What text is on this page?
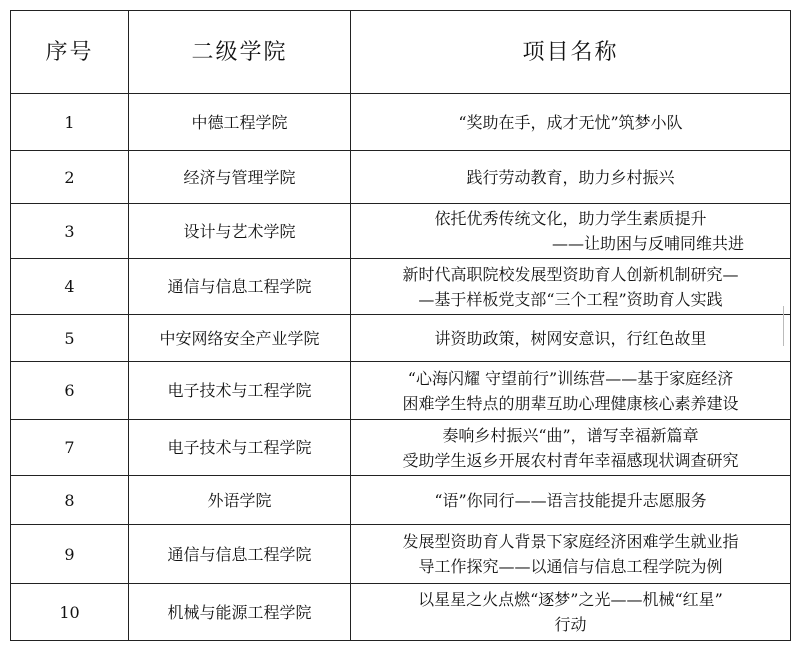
序号	二级学院	项目名称
1	中德工程学院	“奖助在手，成才无忧”筑梦小队

2	经济与管理学院	践行劳动教育，助力乡村振兴

3	设计与艺术学院	依托优秀传统文化，助力学生素质提升
——让助困与反哺同维共进

4	通信与信息工程学院	新时代高职院校发展型资助育人创新机制研究—
—基于样板党支部“三个工程”资助育人实践

5	中安网络安全产业学院	讲资助政策，树网安意识，行红色故里

6	电子技术与工程学院	“心海闪耀 守望前行”训练营——基于家庭经济
困难学生特点的朋辈互助心理健康核心素养建设

7	电子技术与工程学院	奏响乡村振兴“曲”，谱写幸福新篇章
受助学生返乡开展农村青年幸福感现状调查研究

8	外语学院	“语”你同行——语言技能提升志愿服务

9	通信与信息工程学院	发展型资助育人背景下家庭经济困难学生就业指
导工作探究——以通信与信息工程学院为例

10	机械与能源工程学院	以星星之火点燃“逐梦”之光——机械“红星”
行动
